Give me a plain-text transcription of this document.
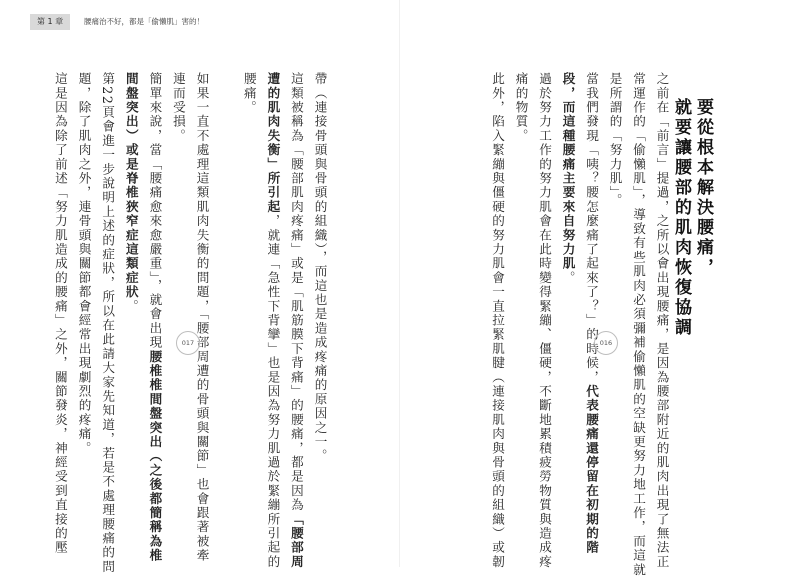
第 1 章	腰痛治不好，都是「偷懶肌」害的！
要從根本解決腰痛，
就要讓腰部的肌肉恢復協調
之前在「前言」提過，之所以會出現腰痛，是因為腰部附近的肌肉出現了無法正
常運作的「偷懶肌」，導致有些肌肉必須彌補偷懶肌的空缺更努力地工作，而這就
是所謂的「努力肌」。
當我們發現「咦？腰怎麼痛了起來了？」的時候，代表腰痛還停留在初期的階
段，而這種腰痛主要來自努力肌。
過於努力工作的努力肌會在此時變得緊繃、僵硬，不斷地累積疲勞物質與造成疼
痛的物質。
此外，陷入緊繃與僵硬的努力肌會一直拉緊肌腱（連接肌肉與骨頭的組織）或韌	016
帶（連接骨頭與骨頭的組織），而這也是造成疼痛的原因之一。
這類被稱為「腰部肌肉疼痛」或是「肌筋膜下背痛」的腰痛，都是因為「腰部周
遭的肌肉失衡」所引起，就連「急性下背攣」也是因為努力肌過於緊繃所引起的
腰痛。
如果一直不處理這類肌肉失衡的問題，「腰部周遭的骨頭與關節」也會跟著被牽
連而受損。
簡單來說，當「腰痛愈來愈嚴重」，就會出現腰椎椎間盤突出（之後都簡稱為椎
間盤突出）或是脊椎狹窄症這類症狀。
第22頁會進一步說明上述的症狀，所以在此請大家先知道，若是不處理腰痛的問
題，除了肌肉之外，連骨頭與關節都會經常出現劇烈的疼痛。
這是因為除了前述「努力肌造成的腰痛」之外，關節發炎，神經受到直接的壓	017
